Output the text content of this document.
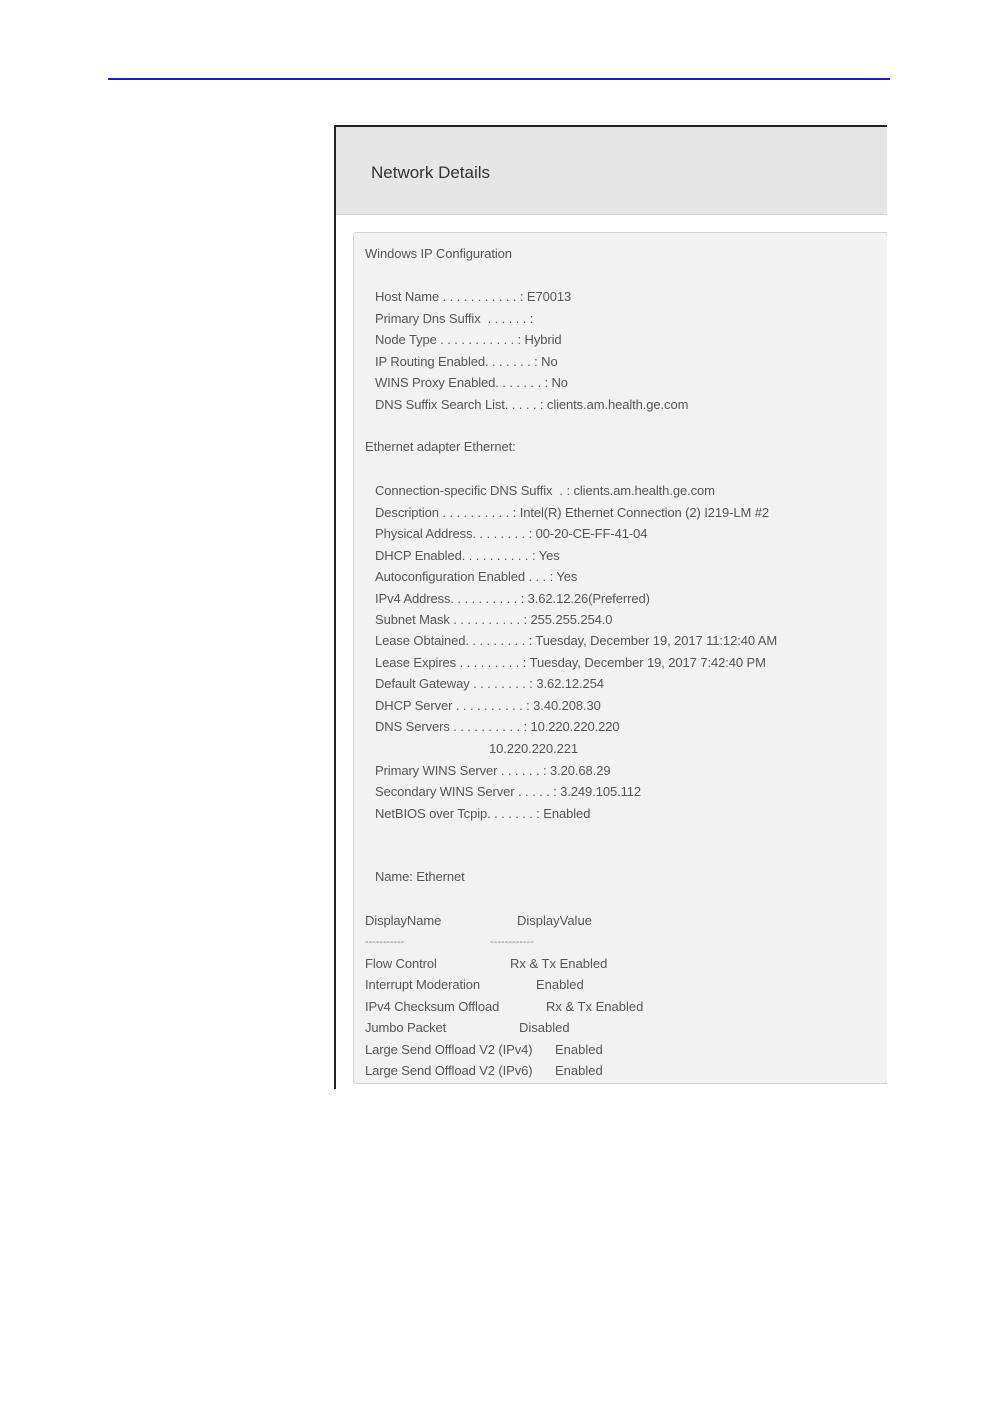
Network Details
Windows IP Configuration
Host Name . . . . . . . . . . . : E70013
Primary Dns Suffix  . . . . . . :
Node Type . . . . . . . . . . . : Hybrid
IP Routing Enabled. . . . . . . : No
WINS Proxy Enabled. . . . . . . : No
DNS Suffix Search List. . . . . : clients.am.health.ge.com
Ethernet adapter Ethernet:
Connection-specific DNS Suffix  . : clients.am.health.ge.com
Description . . . . . . . . . . : Intel(R) Ethernet Connection (2) I219-LM #2
Physical Address. . . . . . . . : 00-20-CE-FF-41-04
DHCP Enabled. . . . . . . . . . : Yes
Autoconfiguration Enabled . . . : Yes
IPv4 Address. . . . . . . . . . : 3.62.12.26(Preferred)
Subnet Mask . . . . . . . . . . : 255.255.254.0
Lease Obtained. . . . . . . . . : Tuesday, December 19, 2017 11:12:40 AM
Lease Expires . . . . . . . . . : Tuesday, December 19, 2017 7:42:40 PM
Default Gateway . . . . . . . . : 3.62.12.254
DHCP Server . . . . . . . . . . : 3.40.208.30
DNS Servers . . . . . . . . . . : 10.220.220.220
10.220.220.221
Primary WINS Server . . . . . . : 3.20.68.29
Secondary WINS Server . . . . . : 3.249.105.112
NetBIOS over Tcpip. . . . . . . : Enabled
Name: Ethernet
DisplayName	DisplayValue
-----------	------------
Flow Control	Rx & Tx Enabled
Interrupt Moderation	Enabled
IPv4 Checksum Offload	Rx & Tx Enabled
Jumbo Packet	Disabled
Large Send Offload V2 (IPv4) Enabled
Large Send Offload V2 (IPv6) Enabled
